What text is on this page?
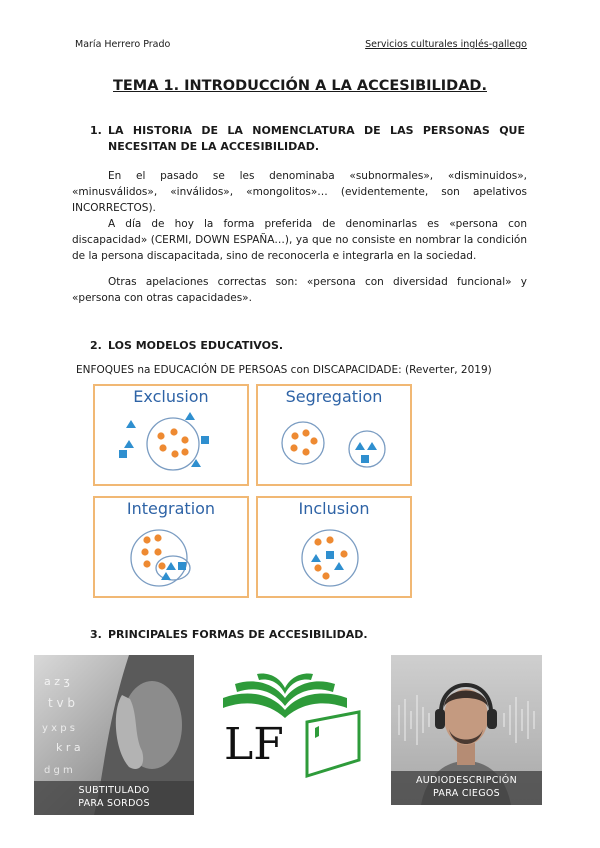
María Herrero Prado	Servicios culturales inglés-gallego
TEMA 1. INTRODUCCIÓN A LA ACCESIBILIDAD.
1. LA HISTORIA DE LA NOMENCLATURA DE LAS PERSONAS QUE NECESITAN DE LA ACCESIBILIDAD.
En el pasado se les denominaba «subnormales», «disminuidos», «minusválidos», «inválidos», «mongolitos»… (evidentemente, son apelativos INCORRECTOS).
A día de hoy la forma preferida de denominarlas es «persona con discapacidad» (CERMI, DOWN ESPAÑA…), ya que no consiste en nombrar la condición de la persona discapacitada, sino de reconocerla e integrarla en la sociedad.
Otras apelaciones correctas son: «persona con diversidad funcional» y «persona con otras capacidades».
2. LOS MODELOS EDUCATIVOS.
ENFOQUES na EDUCACIÓN DE PERSOAS con DISCAPACIDADE: (Reverter, 2019)
Exclusion	Segregation
Integration	Inclusion
3. PRINCIPALES FORMAS DE ACCESIBILIDAD.
a z ʒ
t v b
y x p s
k r a
d g m
SUBTITULADO
PARA SORDOS
LF
AUDIODESCRIPCIÓN
PARA CIEGOS
